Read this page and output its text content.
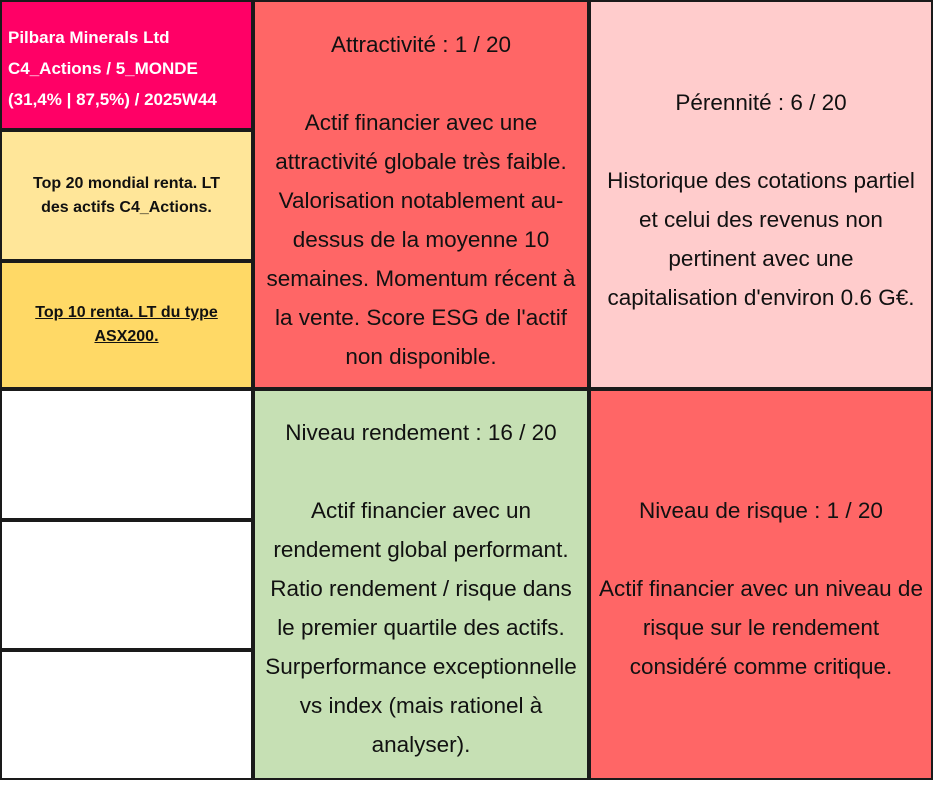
Pilbara Minerals Ltd
C4_Actions / 5_MONDE
(31,4% | 87,5%) / 2025W44
Top 20 mondial renta. LT
des actifs C4_Actions.
Top 10 renta. LT du type
ASX200.
Attractivité : 1 / 20
Actif financier avec une
attractivité globale très faible.
Valorisation notablement au-
dessus de la moyenne 10
semaines. Momentum récent à
la vente. Score ESG de l'actif
non disponible.
Pérennité : 6 / 20
Historique des cotations partiel
et celui des revenus non
pertinent avec une
capitalisation d'environ 0.6 G€.
Niveau rendement : 16 / 20
Actif financier avec un
rendement global performant.
Ratio rendement / risque dans
le premier quartile des actifs.
Surperformance exceptionnelle
vs index (mais rationel à
analyser).
Niveau de risque : 1 / 20
Actif financier avec un niveau de
risque sur le rendement
considéré comme critique.
